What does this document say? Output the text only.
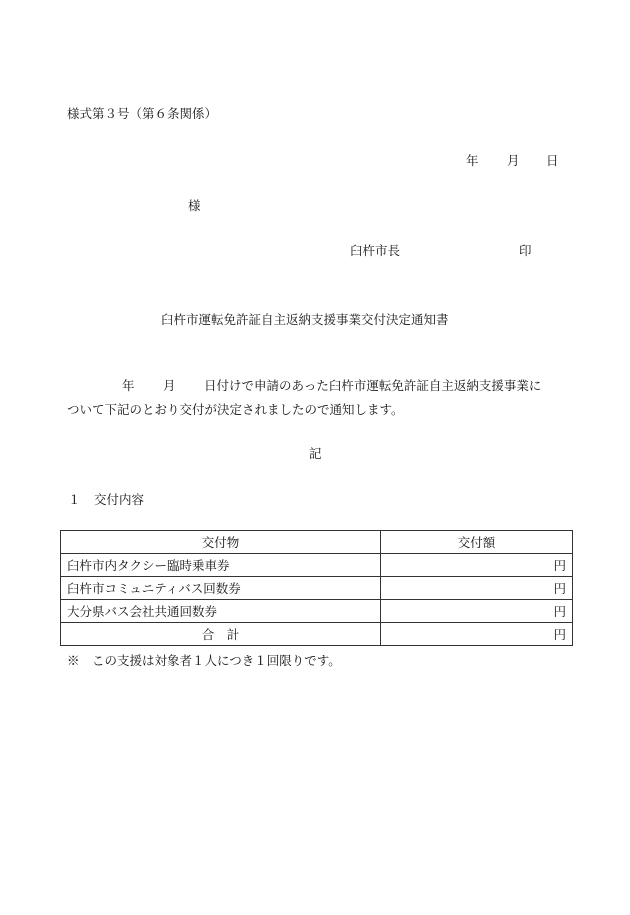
様式第３号（第６条関係）
年 月 日
様
臼杵市長	印
臼杵市運転免許証自主返納支援事業交付決定通知書
年 月 日付けで申請のあった臼杵市運転免許証自主返納支援事業に
ついて下記のとおり交付が決定されましたので通知します。
記
１ 交付内容
交付物	交付額
臼杵市内タクシー臨時乗車券	円
臼杵市コミュニティバス回数券	円
大分県バス会社共通回数券	円
合　計	円
※　この支援は対象者１人につき１回限りです。
